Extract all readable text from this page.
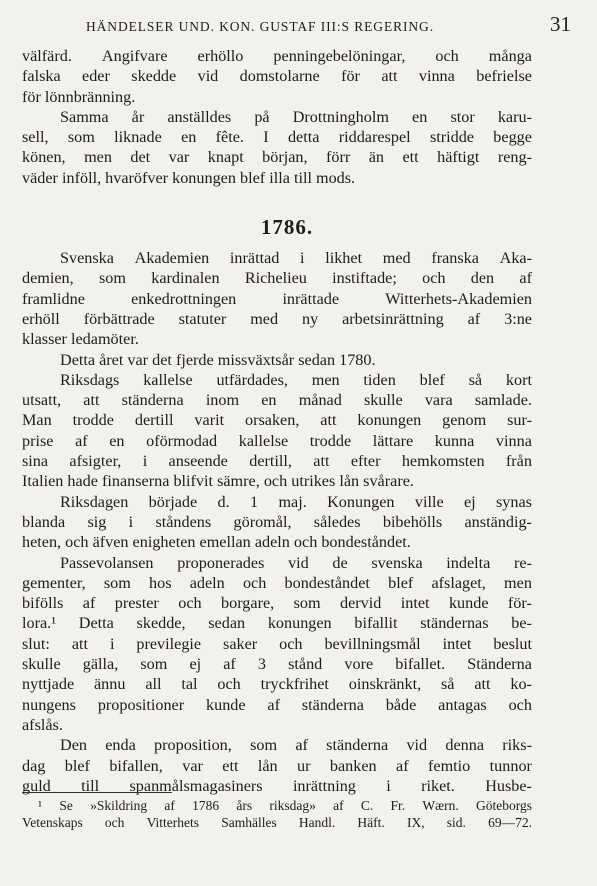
HÄNDELSER UND. KON. GUSTAF III:S REGERING.	31
välfärd. Angifvare erhöllo penningebelöningar, och många
falska eder skedde vid domstolarne för att vinna befrielse
för lönnbränning.
Samma år anställdes på Drottningholm en stor karu-
sell, som liknade en fête. I detta riddarespel stridde begge
könen, men det var knapt början, förr än ett häftigt reng-
väder inföll, hvaröfver konungen blef illa till mods.
1786.
Svenska Akademien inrättad i likhet med franska Aka-
demien, som kardinalen Richelieu instiftade; och den af
framlidne	enkedrottningen	inrättade	Witterhets-Akademien
erhöll förbättrade statuter med ny arbetsinrättning af 3:ne
klasser ledamöter.
Detta året var det fjerde missväxtsår sedan 1780.
Riksdags kallelse utfärdades, men tiden blef så kort
utsatt, att ständerna inom en månad skulle vara samlade.
Man trodde dertill varit orsaken, att konungen genom sur-
prise af en oförmodad kallelse trodde lättare kunna vinna
sina afsigter, i anseende dertill, att efter hemkomsten från
Italien hade finanserna blifvit sämre, och utrikes lån svårare.
Riksdagen började d. 1 maj. Konungen ville ej synas
blanda sig i ståndens göromål, således bibehölls anständig-
heten, och äfven enigheten emellan adeln och bondeståndet.
Passevolansen proponerades vid de svenska indelta re-
gementer, som hos adeln och bondeståndet blef afslaget, men
bifölls af prester och borgare, som dervid intet kunde för-
lora.¹ Detta skedde, sedan konungen bifallit ständernas be-
slut: att i previlegie saker och bevillningsmål intet beslut
skulle gälla, som ej af 3 stånd vore bifallet. Ständerna
nyttjade ännu all tal och tryckfrihet oinskränkt, så att ko-
nungens propositioner kunde af ständerna både antagas och
afslås.
Den enda proposition, som af ständerna vid denna riks-
dag blef bifallen, var ett lån ur banken af femtio tunnor
guld till spanmålsmagasiners inrättning i riket. Husbe-
¹ Se »Skildring af 1786 års riksdag» af C. Fr. Wærn. Göteborgs
Vetenskaps och Vitterhets Samhälles Handl. Häft. IX, sid. 69—72.
